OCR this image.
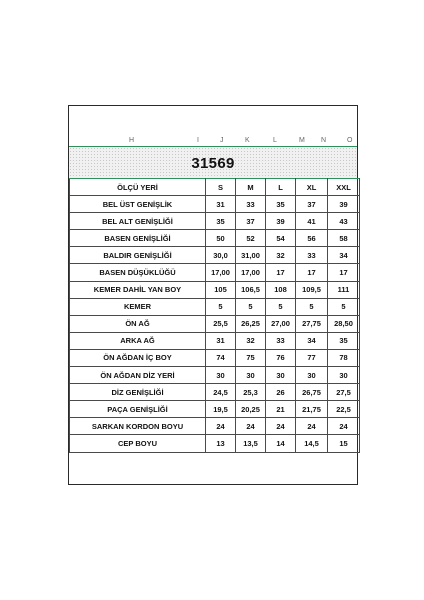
H	I	J	K	L	M N	O
31569
ÖLÇÜ YERİ	S	M	L	XL	XXL
BEL ÜST GENİŞLİK	31	33	35	37	39
BEL ALT GENİŞLİĞİ	35	37	39	41	43
BASEN GENİŞLİĞİ	50	52	54	56	58
BALDIR GENİŞLİĞİ	30,0	31,00	32	33	34
BASEN DÜŞÜKLÜĞÜ	17,00	17,00	17	17	17
KEMER DAHİL YAN BOY	105	106,5	108	109,5	111
KEMER	5	5	5	5	5
ÖN AĞ	25,5	26,25	27,00	27,75	28,50
ARKA AĞ	31	32	33	34	35
ÖN AĞDAN İÇ BOY	74	75	76	77	78
ÖN AĞDAN DİZ YERİ	30	30	30	30	30
DİZ GENİŞLİĞİ	24,5	25,3	26	26,75	27,5
PAÇA GENİŞLİĞİ	19,5	20,25	21	21,75	22,5
SARKAN KORDON BOYU	24	24	24	24	24
CEP BOYU	13	13,5	14	14,5	15
